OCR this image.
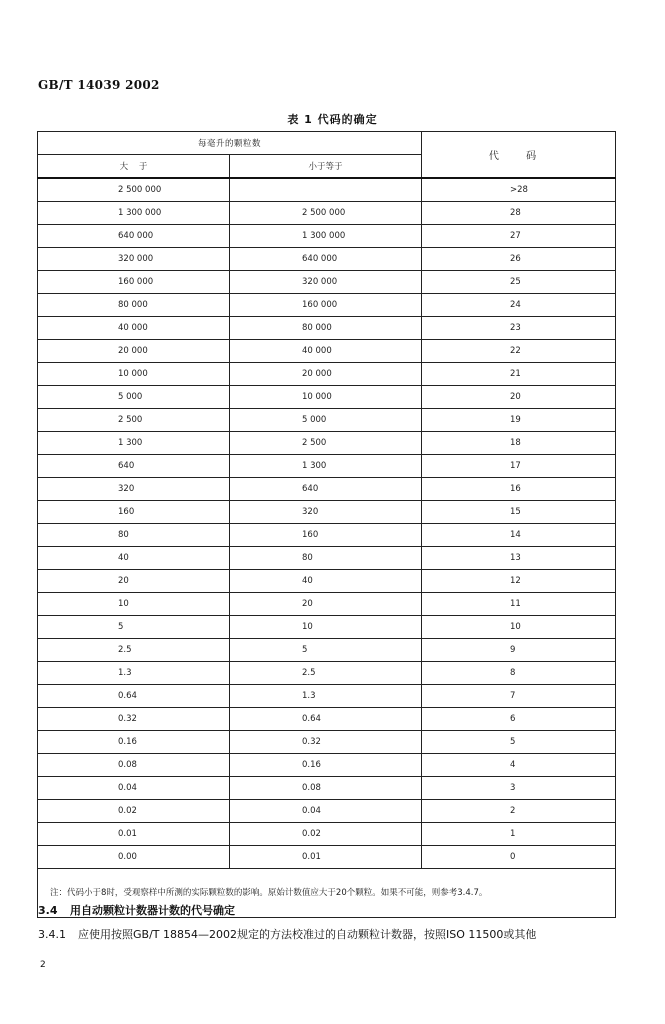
GB/T 14039 2002
表 1 代码的确定
每毫升的颗粒数		代 码
大    于	小于等于	
2 500 000		>28
1 300 000	2 500 000	28
640 000	1 300 000	27
320 000	640 000	26
160 000	320 000	25
80 000	160 000	24
40 000	80 000	23
20 000	40 000	22
10 000	20 000	21
5 000	10 000	20
2 500	5 000	19
1 300	2 500	18
640	1 300	17
320	640	16
160	320	15
80	160	14
40	80	13
20	40	12
10	20	11
5	10	10
2.5	5	9
1.3	2.5	8
0.64	1.3	7
0.32	0.64	6
0.16	0.32	5
0.08	0.16	4
0.04	0.08	3
0.02	0.04	2
0.01	0.02	1
0.00	0.01	0
注：代码小于8时，受观察样中所测的实际颗粒数的影响。原始计数值应大于20个颗粒。如果不可能，则参考3.4.7。		
3.4 用自动颗粒计数器计数的代号确定
3.4.1 应使用按照GB/T 18854—2002规定的方法校准过的自动颗粒计数器，按照ISO 11500或其他
2
